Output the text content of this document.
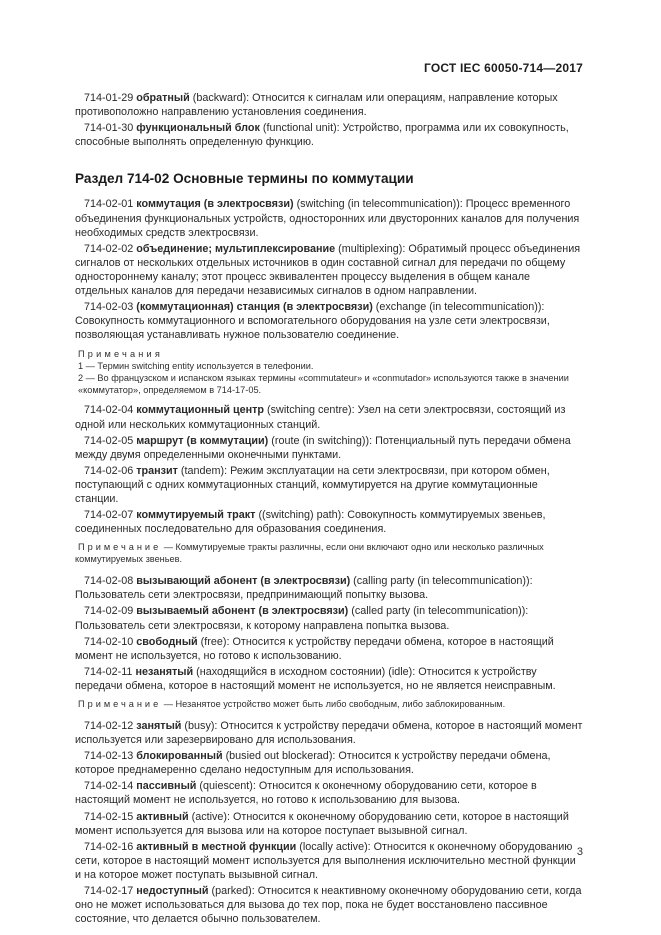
ГОСТ IEC 60050-714—2017

714-01-29 обратный (backward): Относится к сигналам или операциям, направление которых противоположно направлению установления соединения.

714-01-30 функциональный блок (functional unit): Устройство, программа или их совокупность, способные выполнять определенную функцию.

Раздел 714-02 Основные термины по коммутации

714-02-01 коммутация (в электросвязи) (switching (in telecommunication)): Процесс временного объединения функциональных устройств, односторонних или двусторонних каналов для получения необходимых средств электросвязи.

714-02-02 объединение; мультиплексирование (multiplexing): Обратимый процесс объединения сигналов от нескольких отдельных источников в один составной сигнал для передачи по общему одностороннему каналу; этот процесс эквивалентен процессу выделения в общем канале отдельных каналов для передачи независимых сигналов в одном направлении.

714-02-03 (коммутационная) станция (в электросвязи) (exchange (in telecommunication)): Совокупность коммутационного и вспомогательного оборудования на узле сети электросвязи, позволяющая устанавливать нужное пользователю соединение.

Примечания
1 — Термин switching entity используется в телефонии.
2 — Во французском и испанском языках термины «commutateur» и «conmutador» используются также в значении «коммутатор», определяемом в 714-17-05.

714-02-04 коммутационный центр (switching centre): Узел на сети электросвязи, состоящий из одной или нескольких коммутационных станций.

714-02-05 маршрут (в коммутации) (route (in switching)): Потенциальный путь передачи обмена между двумя определенными оконечными пунктами.

714-02-06 транзит (tandem): Режим эксплуатации на сети электросвязи, при котором обмен, поступающий с одних коммутационных станций, коммутируется на другие коммутационные станции.

714-02-07 коммутируемый тракт ((switching) path): Совокупность коммутируемых звеньев, соединенных последовательно для образования соединения.

Примечание — Коммутируемые тракты различны, если они включают одно или несколько различных коммутируемых звеньев.

714-02-08 вызывающий абонент (в электросвязи) (calling party (in telecommunication)): Пользователь сети электросвязи, предпринимающий попытку вызова.

714-02-09 вызываемый абонент (в электросвязи) (called party (in telecommunication)): Пользователь сети электросвязи, к которому направлена попытка вызова.

714-02-10 свободный (free): Относится к устройству передачи обмена, которое в настоящий момент не используется, но готово к использованию.

714-02-11 незанятый (находящийся в исходном состоянии) (idle): Относится к устройству передачи обмена, которое в настоящий момент не используется, но не является неисправным.

Примечание — Незанятое устройство может быть либо свободным, либо заблокированным.

714-02-12 занятый (busy): Относится к устройству передачи обмена, которое в настоящий момент используется или зарезервировано для использования.

714-02-13 блокированный (busied out blockerad): Относится к устройству передачи обмена, которое преднамеренно сделано недоступным для использования.

714-02-14 пассивный (quiescent): Относится к оконечному оборудованию сети, которое в настоящий момент не используется, но готово к использованию для вызова.

714-02-15 активный (active): Относится к оконечному оборудованию сети, которое в настоящий момент используется для вызова или на которое поступает вызывной сигнал.

714-02-16 активный в местной функции (locally active): Относится к оконечному оборудованию сети, которое в настоящий момент используется для выполнения исключительно местной функции и на которое может поступать вызывной сигнал.

714-02-17 недоступный (parked): Относится к неактивному оконечному оборудованию сети, когда оно не может использоваться для вызова до тех пор, пока не будет восстановлено пассивное состояние, что делается обычно пользователем.

3
